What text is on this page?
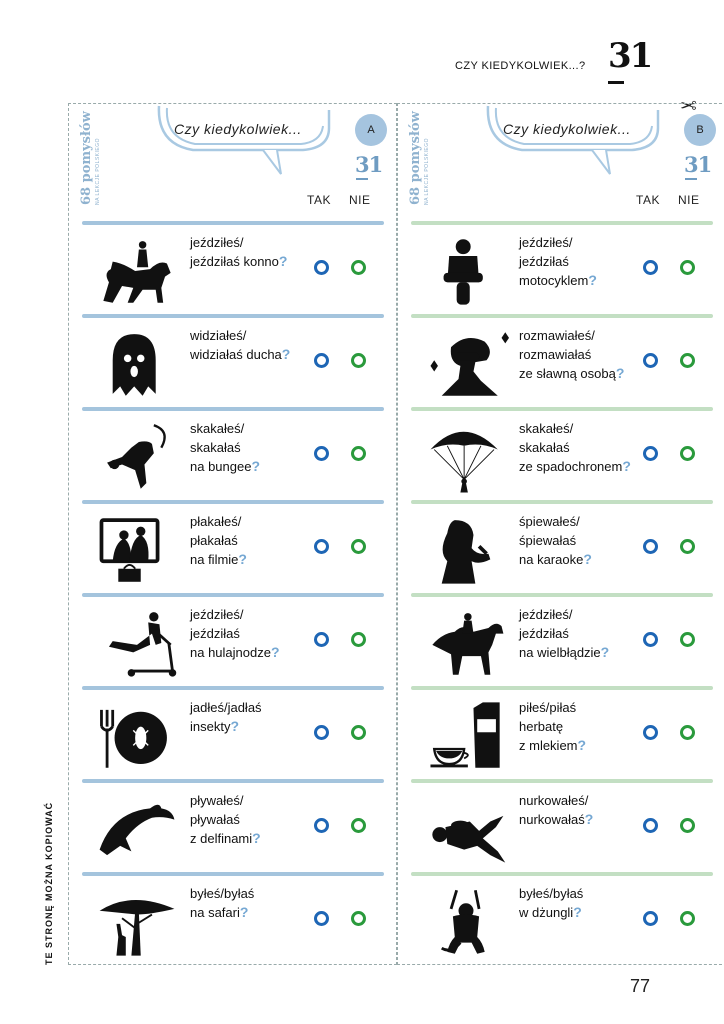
CZY KIEDYKOLWIEK...? 31
✂
68 pomysłów NA LEKCJE POLSKIEGO
Czy kiedykolwiek...	A
31
TAK NIE
jeździłeś/
jeździłaś konno?

widziałeś/
widziałaś ducha?

skakałeś/
skakałaś
na bungee?

płakałeś/
płakałaś
na filmie?

jeździłeś/
jeździłaś
na hulajnodze?

jadłeś/jadłaś
insekty?

pływałeś/
pływałaś
z delfinami?

byłeś/byłaś
na safari?

68 pomysłów NA LEKCJE POLSKIEGO
Czy kiedykolwiek...	B
31
TAK NIE
jeździłeś/
jeździłaś
motocyklem?

rozmawiałeś/
rozmawiałaś
ze sławną osobą?

skakałeś/
skakałaś
ze spadochronem?

śpiewałeś/
śpiewałaś
na karaoke?

jeździłeś/
jeździłaś
na wielbłądzie?

piłeś/piłaś
herbatę
z mlekiem?

nurkowałeś/
nurkowałaś?

byłeś/byłaś
w dżungli?

TE STRONĘ MOŻNA KOPIOWAĆ
77
